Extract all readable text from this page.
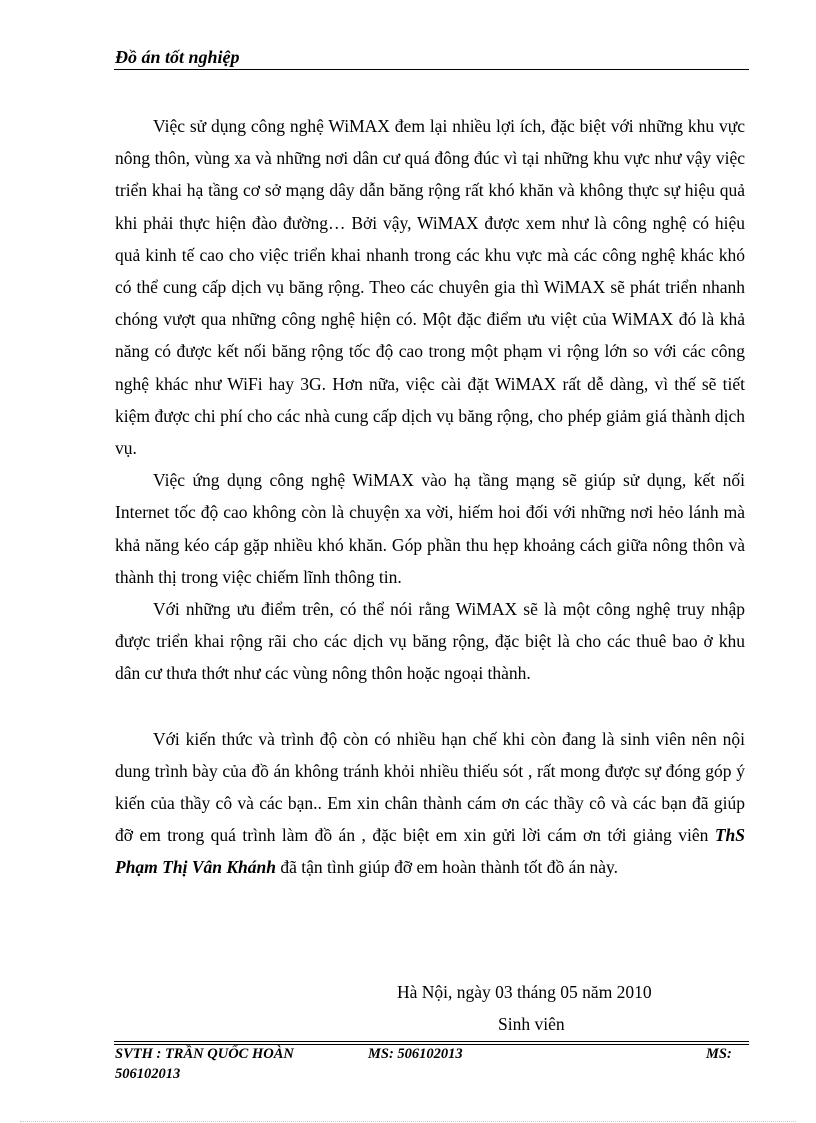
Đồ án tốt nghiệp

Việc sử dụng công nghệ WiMAX đem lại nhiều lợi ích, đặc biệt với những khu vực nông thôn, vùng xa và những nơi dân cư quá đông đúc vì tại những khu vực như vậy việc triển khai hạ tầng cơ sở mạng dây dẫn băng rộng rất khó khăn và không thực sự hiệu quả khi phải thực hiện đào đường… Bởi vậy, WiMAX được xem như là công nghệ có hiệu quả kinh tế cao cho việc triển khai nhanh trong các khu vực mà các công nghệ khác khó có thể cung cấp dịch vụ băng rộng. Theo các chuyên gia thì WiMAX sẽ phát triển nhanh chóng vượt qua những công nghệ hiện có. Một đặc điểm ưu việt của WiMAX đó là khả năng có được kết nối băng rộng tốc độ cao trong một phạm vi rộng lớn so với các công nghệ khác như WiFi hay 3G. Hơn nữa, việc cài đặt WiMAX rất dễ dàng, vì thế sẽ tiết kiệm được chi phí cho các nhà cung cấp dịch vụ băng rộng, cho phép giảm giá thành dịch vụ.

Việc ứng dụng công nghệ WiMAX vào hạ tầng mạng sẽ giúp sử dụng, kết nối Internet tốc độ cao không còn là chuyện xa vời, hiếm hoi đối với những nơi hẻo lánh mà khả năng kéo cáp gặp nhiều khó khăn. Góp phần thu hẹp khoảng cách giữa nông thôn và thành thị trong việc chiếm lĩnh thông tin.

Với những ưu điểm trên, có thể nói rằng WiMAX sẽ là một công nghệ truy nhập được triển khai rộng rãi cho các dịch vụ băng rộng, đặc biệt là cho các thuê bao ở khu dân cư thưa thớt như các vùng nông thôn hoặc ngoại thành.

Với kiến thức và trình độ còn có nhiều hạn chế khi còn đang là sinh viên nên nội dung trình bày của đồ án không tránh khỏi nhiều thiếu sót , rất mong được sự đóng góp ý kiến của thầy cô và các bạn.. Em xin chân thành cám ơn các thầy cô và các bạn đã giúp đỡ em trong quá trình làm đồ án , đặc biệt em xin gửi lời cám ơn tới giảng viên ThS Phạm Thị Vân Khánh đã tận tình giúp đỡ em hoàn thành tốt đồ án này.

Hà Nội, ngày 03 tháng 05 năm 2010
Sinh viên
SVTH : TRẦN QUỐC HOÀN	MS: 506102013	MS:
506102013
